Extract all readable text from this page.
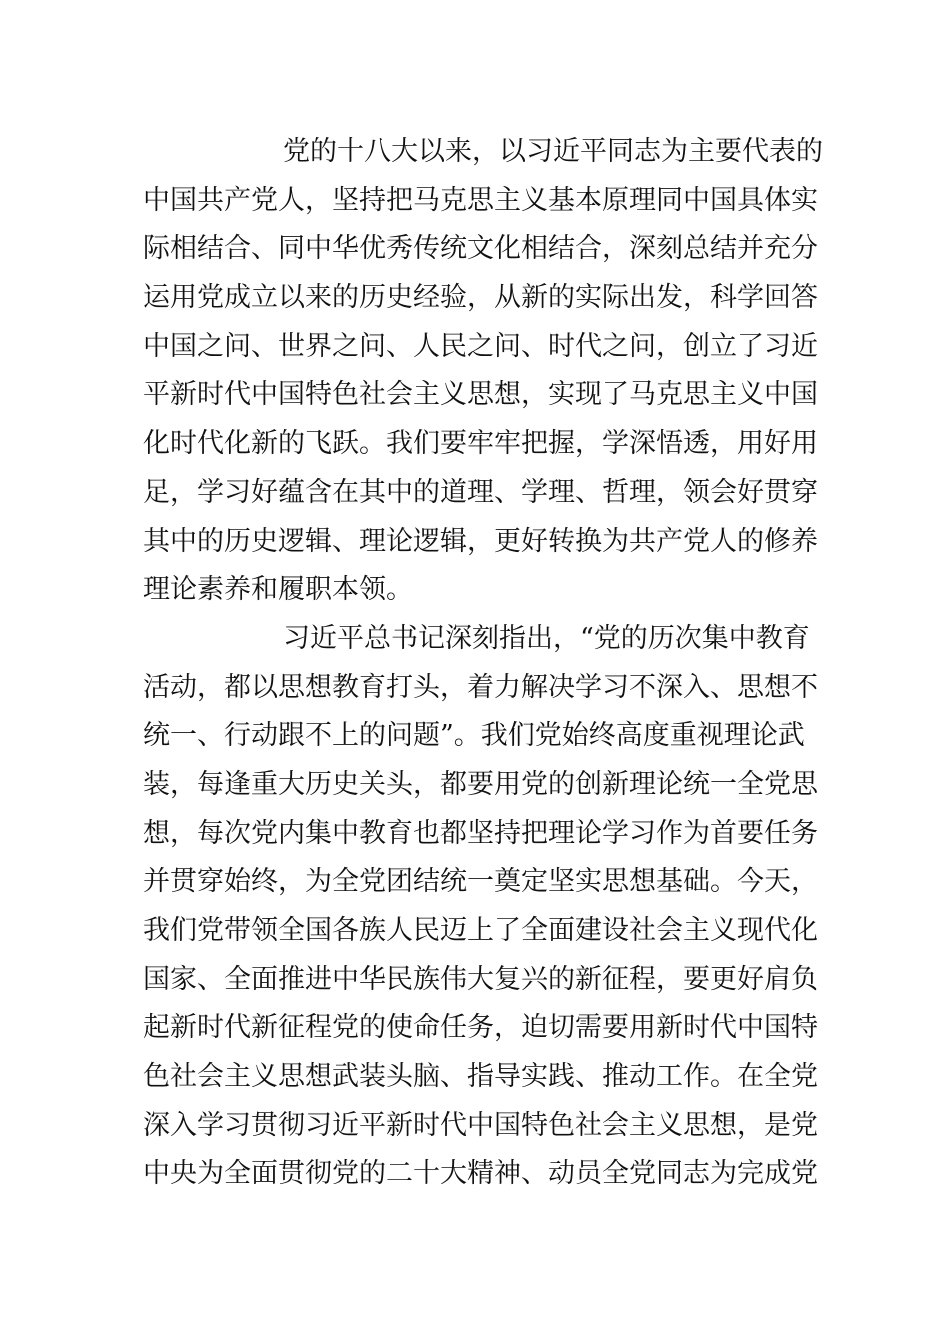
党的十八大以来，以习近平同志为主要代表的
中国共产党人，坚持把马克思主义基本原理同中国具体实
际相结合、同中华优秀传统文化相结合，深刻总结并充分
运用党成立以来的历史经验，从新的实际出发，科学回答
中国之问、世界之问、人民之问、时代之问，创立了习近
平新时代中国特色社会主义思想，实现了马克思主义中国
化时代化新的飞跃。我们要牢牢把握，学深悟透，用好用
足，学习好蕴含在其中的道理、学理、哲理，领会好贯穿
其中的历史逻辑、理论逻辑，更好转换为共产党人的修养
理论素养和履职本领。

习近平总书记深刻指出，“党的历次集中教育
活动，都以思想教育打头，着力解决学习不深入、思想不
统一、行动跟不上的问题”。我们党始终高度重视理论武
装，每逢重大历史关头，都要用党的创新理论统一全党思
想，每次党内集中教育也都坚持把理论学习作为首要任务
并贯穿始终，为全党团结统一奠定坚实思想基础。今天，
我们党带领全国各族人民迈上了全面建设社会主义现代化
国家、全面推进中华民族伟大复兴的新征程，要更好肩负
起新时代新征程党的使命任务，迫切需要用新时代中国特
色社会主义思想武装头脑、指导实践、推动工作。在全党
深入学习贯彻习近平新时代中国特色社会主义思想，是党
中央为全面贯彻党的二十大精神、动员全党同志为完成党
